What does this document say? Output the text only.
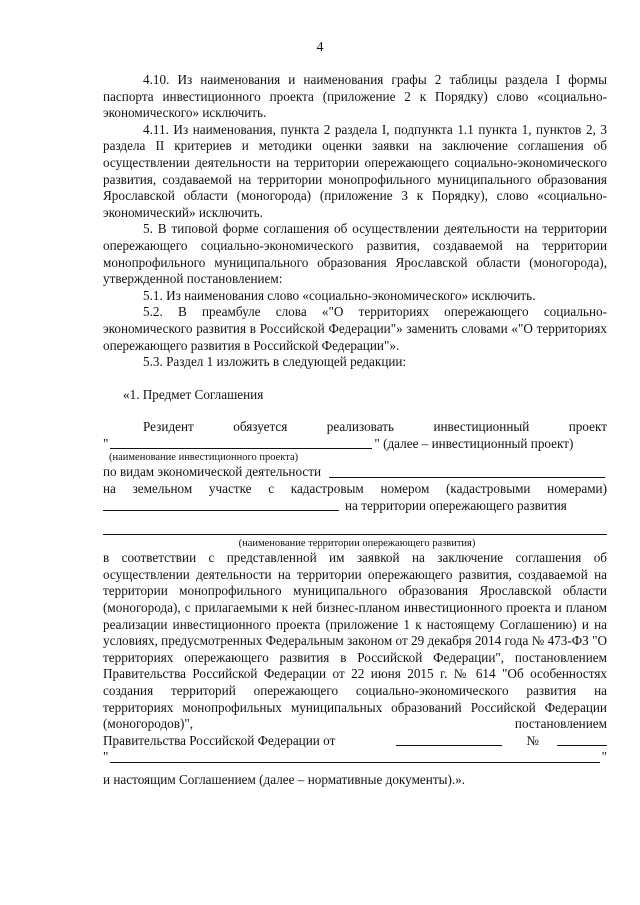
4

4.10. Из наименования и наименования графы 2 таблицы раздела I формы паспорта инвестиционного проекта (приложение 2 к Порядку) слово «социально-экономического» исключить.

4.11. Из наименования, пункта 2 раздела I, подпункта 1.1 пункта 1, пунктов 2, 3 раздела II критериев и методики оценки заявки на заключение соглашения об осуществлении деятельности на территории опережающего социально-экономического развития, создаваемой на территории монопрофильного муниципального образования Ярославской области (моногорода) (приложение 3 к Порядку), слово «социально-экономический» исключить.

5. В типовой форме соглашения об осуществлении деятельности на территории опережающего социально-экономического развития, создаваемой на территории монопрофильного муниципального образования Ярославской области (моногорода), утвержденной постановлением:

5.1. Из наименования слово «социально-экономического» исключить.

5.2. В преамбуле слова «"О территориях опережающего социально-экономического развития в Российской Федерации"» заменить словами «"О территориях опережающего развития в Российской Федерации"».

5.3. Раздел 1 изложить в следующей редакции:

«1. Предмет Соглашения

Резидент	обязуется	реализовать	инвестиционный	проект
"	" (далее – инвестиционный проект)
(наименование инвестиционного проекта)
по видам экономической деятельности

на земельном участке с кадастровым номером (кадастровыми номерами)

на территории опережающего развития
(наименование территории опережающего развития)

в соответствии с представленной им заявкой на заключение соглашения об осуществлении деятельности на территории опережающего развития, создаваемой на территории монопрофильного муниципального образования Ярославской области (моногорода), с прилагаемыми к ней бизнес-планом инвестиционного проекта и планом реализации инвестиционного проекта (приложение 1 к настоящему Соглашению) и на условиях, предусмотренных Федеральным законом от 29 декабря 2014 года № 473-ФЗ "О территориях опережающего развития в Российской Федерации", постановлением Правительства Российской Федерации от 22 июня 2015 г. № 614 "Об особенностях создания территорий опережающего социально-экономического развития на территориях монопрофильных муниципальных образований Российской Федерации (моногородов)", постановлением

Правительства Российской Федерации от	№
"	"

и настоящим Соглашением (далее – нормативные документы).».
